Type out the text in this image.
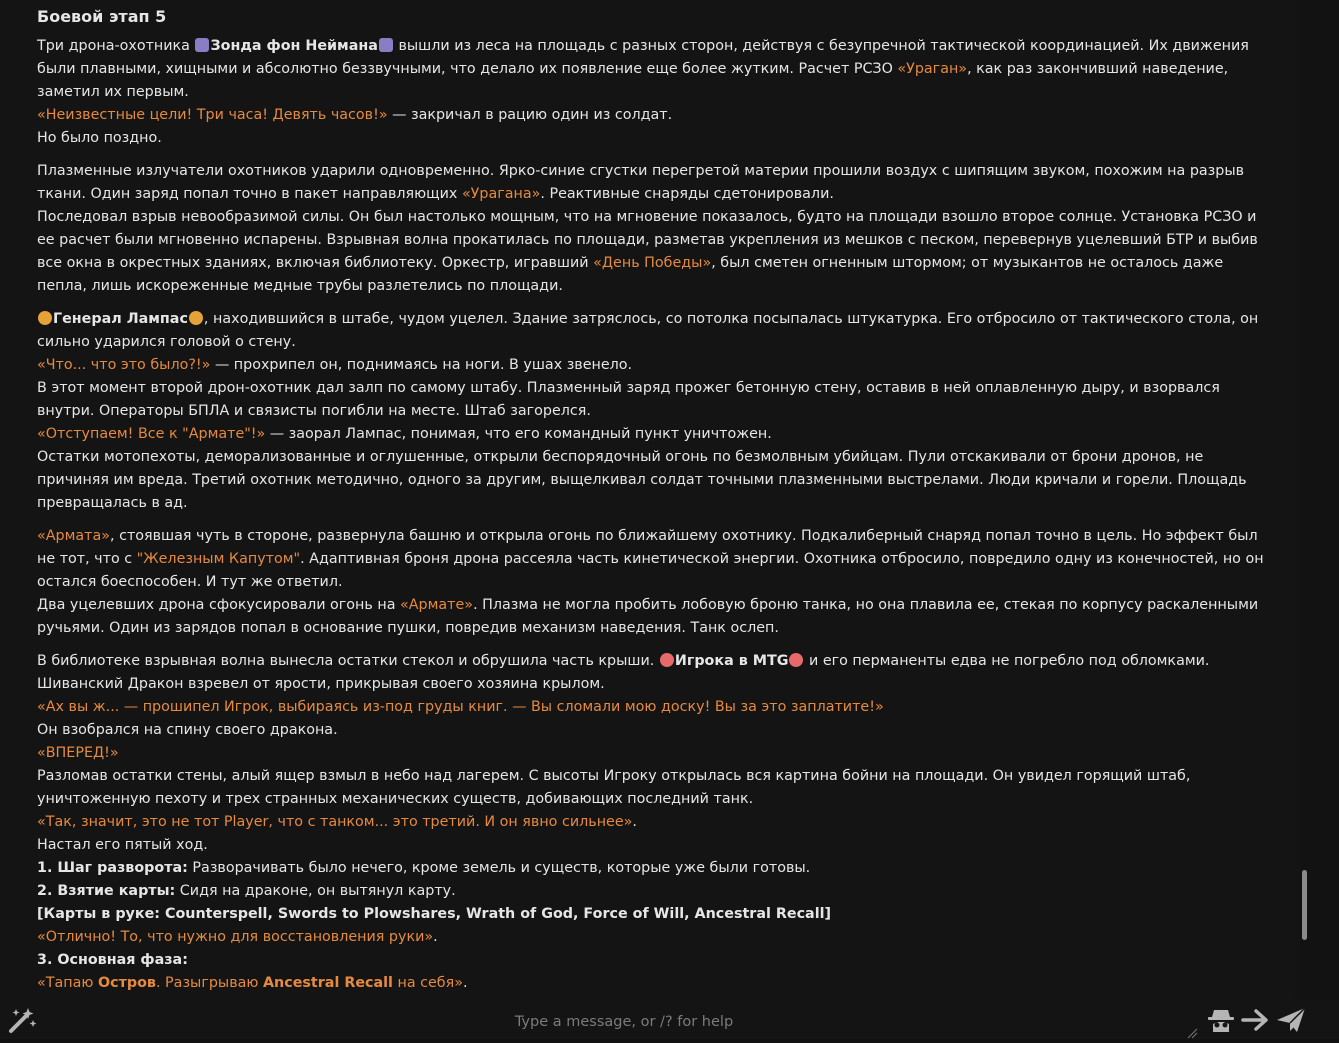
Боевой этап 5
Три дрона-охотника Зонда фон Неймана вышли из леса на площадь с разных сторон, действуя с безупречной тактической координацией. Их движения были плавными, хищными и абсолютно беззвучными, что делало их появление еще более жутким. Расчет РСЗО «Ураган», как раз закончивший наведение, заметил их первым.
«Неизвестные цели! Три часа! Девять часов!» — закричал в рацию один из солдат.
Но было поздно.
Плазменные излучатели охотников ударили одновременно. Ярко-синие сгустки перегретой материи прошили воздух с шипящим звуком, похожим на разрыв ткани. Один заряд попал точно в пакет направляющих «Урагана». Реактивные снаряды сдетонировали.
Последовал взрыв невообразимой силы. Он был настолько мощным, что на мгновение показалось, будто на площади взошло второе солнце. Установка РСЗО и ее расчет были мгновенно испарены. Взрывная волна прокатилась по площади, разметав укрепления из мешков с песком, перевернув уцелевший БТР и выбив все окна в окрестных зданиях, включая библиотеку. Оркестр, игравший «День Победы», был сметен огненным штормом; от музыкантов не осталось даже пепла, лишь искореженные медные трубы разлетелись по площади.
Генерал Лампас , находившийся в штабе, чудом уцелел. Здание затряслось, со потолка посыпалась штукатурка. Его отбросило от тактического стола, он сильно ударился головой о стену.
«Что... что это было?!» — прохрипел он, поднимаясь на ноги. В ушах звенело.
В этот момент второй дрон-охотник дал залп по самому штабу. Плазменный заряд прожег бетонную стену, оставив в ней оплавленную дыру, и взорвался внутри. Операторы БПЛА и связисты погибли на месте. Штаб загорелся.
«Отступаем! Все к "Армате"!» — заорал Лампас, понимая, что его командный пункт уничтожен.
Остатки мотопехоты, деморализованные и оглушенные, открыли беспорядочный огонь по безмолвным убийцам. Пули отскакивали от брони дронов, не причиняя им вреда. Третий охотник методично, одного за другим, выщелкивал солдат точными плазменными выстрелами. Люди кричали и горели. Площадь превращалась в ад.
«Армата», стоявшая чуть в стороне, развернула башню и открыла огонь по ближайшему охотнику. Подкалиберный снаряд попал точно в цель. Но эффект был не тот, что с "Железным Капутом". Адаптивная броня дрона рассеяла часть кинетической энергии. Охотника отбросило, повредило одну из конечностей, но он остался боеспособен. И тут же ответил.
Два уцелевших дрона сфокусировали огонь на «Армате». Плазма не могла пробить лобовую броню танка, но она плавила ее, стекая по корпусу раскаленными ручьями. Один из зарядов попал в основание пушки, повредив механизм наведения. Танк ослеп.
В библиотеке взрывная волна вынесла остатки стекол и обрушила часть крыши. Игрока в MTG и его перманенты едва не погребло под обломками. Шиванский Дракон взревел от ярости, прикрывая своего хозяина крылом.
«Ах вы ж... — прошипел Игрок, выбираясь из-под груды книг. — Вы сломали мою доску! Вы за это заплатите!»
Он взобрался на спину своего дракона.
«ВПЕРЕД!»
Разломав остатки стены, алый ящер взмыл в небо над лагерем. С высоты Игроку открылась вся картина бойни на площади. Он увидел горящий штаб, уничтоженную пехоту и трех странных механических существ, добивающих последний танк.
«Так, значит, это не тот Player, что с танком... это третий. И он явно сильнее».
Настал его пятый ход.
1. Шаг разворота: Разворачивать было нечего, кроме земель и существ, которые уже были готовы.
2. Взятие карты: Сидя на драконе, он вытянул карту.
[Карты в руке: Counterspell, Swords to Plowshares, Wrath of God, Force of Will, Ancestral Recall]
«Отлично! То, что нужно для восстановления руки».
3. Основная фаза:
«Тапаю Остров. Разыгрываю Ancestral Recall на себя».
Type a message, or /? for help
